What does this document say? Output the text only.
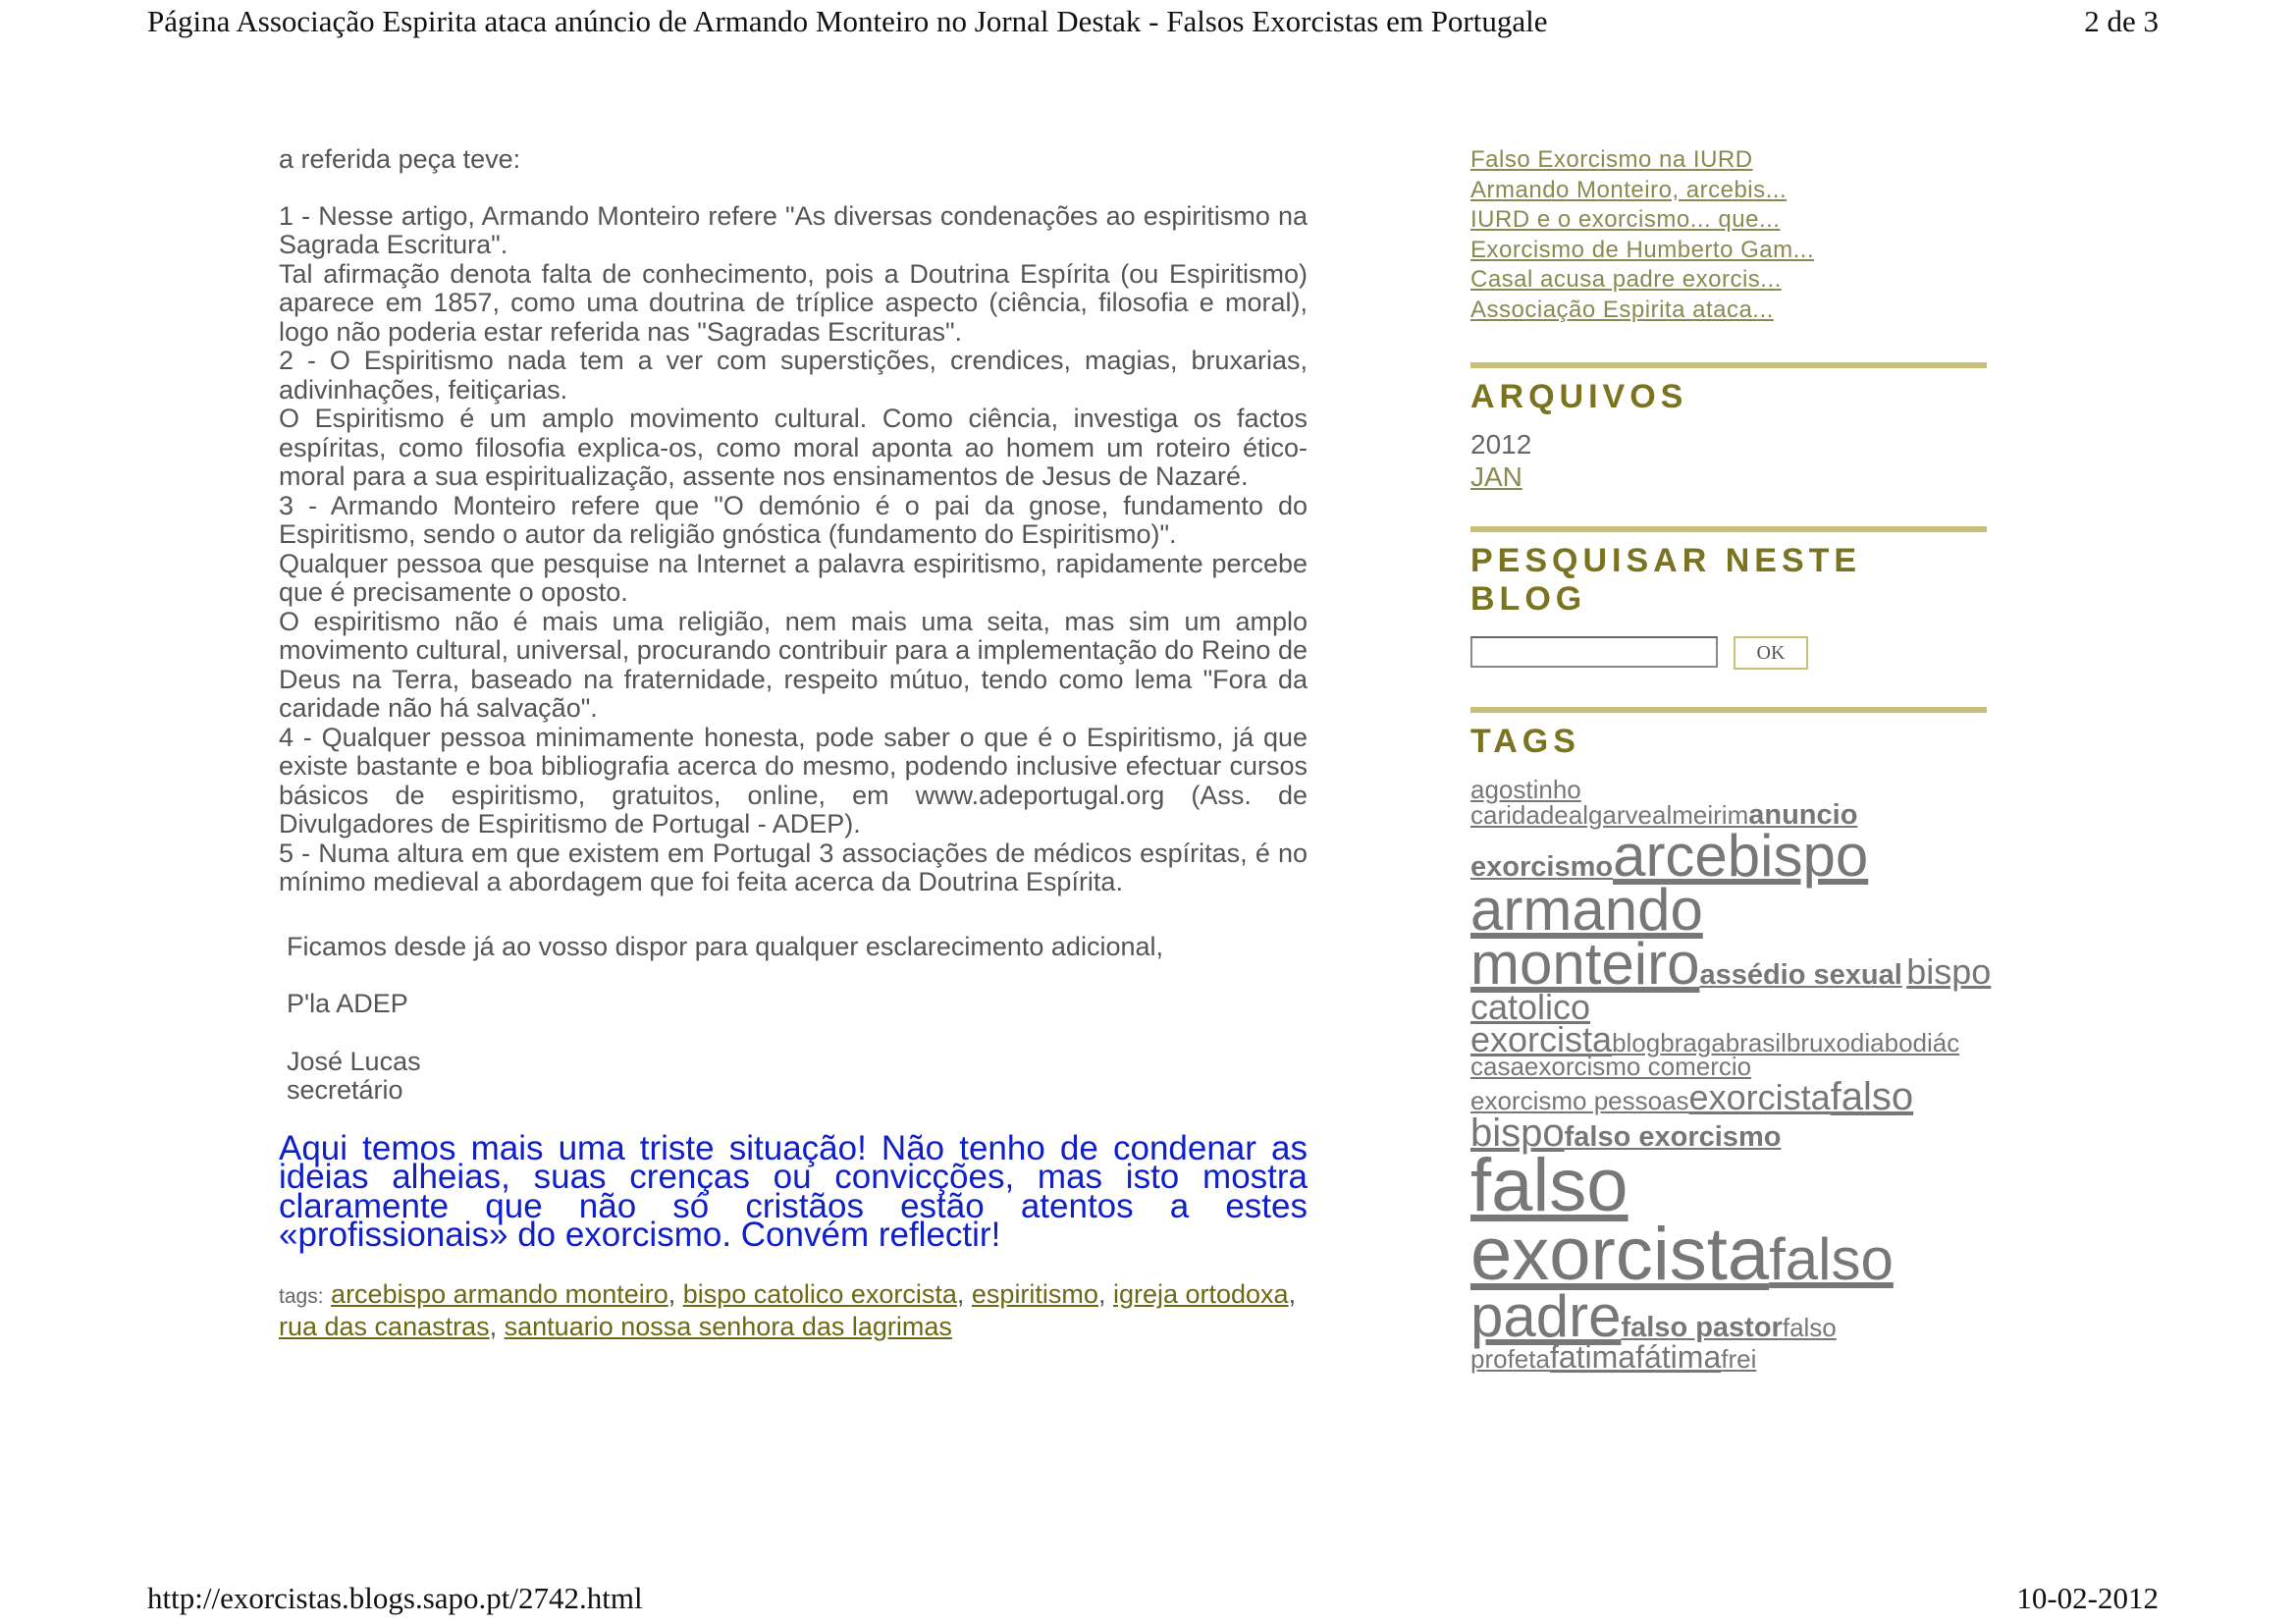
Página Associação Espirita ataca anúncio de Armando Monteiro no Jornal Destak - Falsos Exorcistas em Portugale	2 de 3

a referida peça teve:

1 - Nesse artigo, Armando Monteiro refere "As diversas condenações ao espiritismo na Sagrada Escritura".

Tal afirmação denota falta de conhecimento, pois a Doutrina Espírita (ou Espiritismo) aparece em 1857, como uma doutrina de tríplice aspecto (ciência, filosofia e moral), logo não poderia estar referida nas "Sagradas Escrituras".

2 - O Espiritismo nada tem a ver com superstições, crendices, magias, bruxarias, adivinhações, feitiçarias.

O Espiritismo é um amplo movimento cultural. Como ciência, investiga os factos espíritas, como filosofia explica-os, como moral aponta ao homem um roteiro ético-moral para a sua espiritualização, assente nos ensinamentos de Jesus de Nazaré.

3 - Armando Monteiro refere que "O demónio é o pai da gnose, fundamento do Espiritismo, sendo o autor da religião gnóstica (fundamento do Espiritismo)".

Qualquer pessoa que pesquise na Internet a palavra espiritismo, rapidamente percebe que é precisamente o oposto.

O espiritismo não é mais uma religião, nem mais uma seita, mas sim um amplo movimento cultural, universal, procurando contribuir para a implementação do Reino de Deus na Terra, baseado na fraternidade, respeito mútuo, tendo como lema "Fora da caridade não há salvação".

4 - Qualquer pessoa minimamente honesta, pode saber o que é o Espiritismo, já que existe bastante e boa bibliografia acerca do mesmo, podendo inclusive efectuar cursos básicos de espiritismo, gratuitos, online, em www.adeportugal.org (Ass. de Divulgadores de Espiritismo de Portugal - ADEP).

5 - Numa altura em que existem em Portugal 3 associações de médicos espíritas, é no mínimo medieval a abordagem que foi feita acerca da Doutrina Espírita.

Ficamos desde já ao vosso dispor para qualquer esclarecimento adicional,

P'la ADEP

José Lucas

secretário

Aqui temos mais uma triste situação! Não tenho de condenar as ideias alheias, suas crenças ou convicções, mas isto mostra claramente que não só cristãos estão atentos a estes «profissionais» do exorcismo. Convém reflectir!

tags: arcebispo armando monteiro, bispo catolico exorcista, espiritismo, igreja ortodoxa, rua das canastras, santuario nossa senhora das lagrimas
Falso Exorcismo na IURD
Armando Monteiro, arcebis...
IURD e o exorcismo... que...
Exorcismo de Humberto Gam...
Casal acusa padre exorcis...
Associação Espirita ataca...
ARQUIVOS
2012
JAN
PESQUISAR NESTE BLOG
OK
TAGS
agostinho
caridadealgarvealmeirimanuncio exorcismoarcebispo armando monteiroassédio sexual bispo catolico exorcistablogbragabrasilbruxodiabodiác
casaexorcismo comercio
exorcismo pessoasexorcistafalso bispofalso exorcismo
falso exorcistafalso padrefalso pastorfalso profetafatimafátimafrei
http://exorcistas.blogs.sapo.pt/2742.html	10-02-2012
